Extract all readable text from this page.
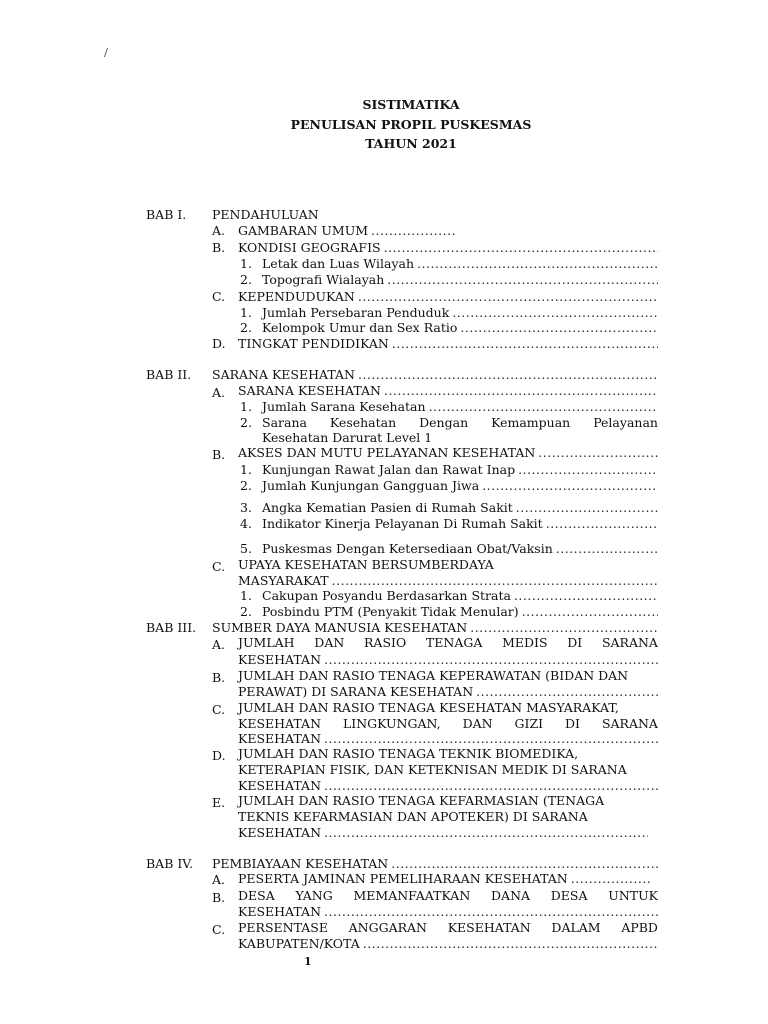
/
SISTIMATIKA
PENULISAN PROPIL PUSKESMAS
TAHUN 2021
BAB I. PENDAHULUAN
A. GAMBARAN UMUM
.....
B. KONDISI GEOGRAFIS
.....
1. Letak dan Luas Wilayah
.....
2. Topografi Wialayah
.....
C. KEPENDUDUKAN
.....
1. Jumlah Persebaran Penduduk
.....
2. Kelompok Umur dan Sex Ratio
.....
D. TINGKAT PENDIDIKAN
.....
BAB II. SARANA KESEHATAN
.....
A. SARANA KESEHATAN
.....
1. Jumlah Sarana Kesehatan
.....
2. Sarana Kesehatan Dengan Kemampuan Pelayanan
Kesehatan Darurat Level 1
B. AKSES DAN MUTU PELAYANAN KESEHATAN
.....
1. Kunjungan Rawat Jalan dan Rawat Inap
.....
2. Jumlah Kunjungan Gangguan Jiwa
.....
3. Angka Kematian Pasien di Rumah Sakit
.....
4. Indikator Kinerja Pelayanan Di Rumah Sakit
.....
5. Puskesmas Dengan Ketersediaan Obat/Vaksin
.....
C. UPAYA KESEHATAN BERSUMBERDAYA
MASYARAKAT
.....
1. Cakupan Posyandu Berdasarkan Strata
.....
2. Posbindu PTM (Penyakit Tidak Menular)
.....
BAB III. SUMBER DAYA MANUSIA KESEHATAN
.....
A. JUMLAH DAN RASIO TENAGA MEDIS DI SARANA
KESEHATAN
.....
B. JUMLAH DAN RASIO TENAGA KEPERAWATAN (BIDAN DAN
PERAWAT) DI SARANA KESEHATAN
.....
C. JUMLAH DAN RASIO TENAGA KESEHATAN MASYARAKAT,
KESEHATAN LINGKUNGAN, DAN GIZI DI SARANA
KESEHATAN
.....
D. JUMLAH DAN RASIO TENAGA TEKNIK BIOMEDIKA,
KETERAPIAN FISIK, DAN KETEKNISAN MEDIK DI SARANA
KESEHATAN
.....
E. JUMLAH DAN RASIO TENAGA KEFARMASIAN (TENAGA
TEKNIS KEFARMASIAN DAN APOTEKER) DI SARANA
KESEHATAN
.....
BAB IV. PEMBIAYAAN KESEHATAN
.....
A. PESERTA JAMINAN PEMELIHARAAN KESEHATAN
.....
B. DESA YANG MEMANFAATKAN DANA DESA UNTUK
KESEHATAN
.....
C. PERSENTASE ANGGARAN KESEHATAN DALAM APBD
KABUPATEN/KOTA
.....
1
